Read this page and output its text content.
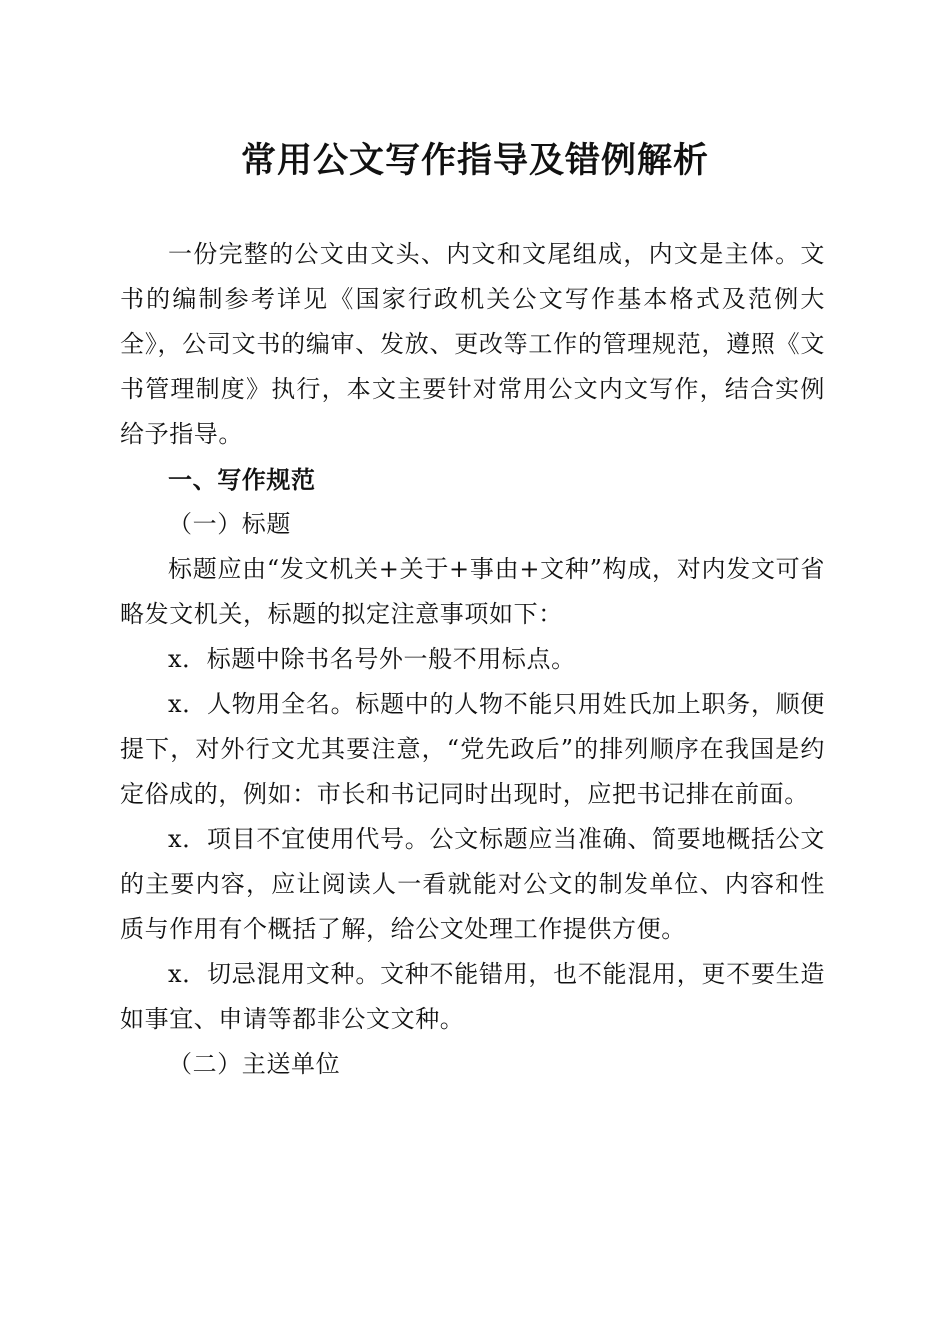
常用公文写作指导及错例解析

一份完整的公文由文头、内文和文尾组成，内文是主体。文书的编制参考详见《国家行政机关公文写作基本格式及范例大全》，公司文书的编审、发放、更改等工作的管理规范，遵照《文书管理制度》执行，本文主要针对常用公文内文写作，结合实例给予指导。

一、写作规范

（一）标题

标题应由“发文机关+关于+事由+文种”构成，对内发文可省略发文机关，标题的拟定注意事项如下：

x．标题中除书名号外一般不用标点。

x．人物用全名。标题中的人物不能只用姓氏加上职务，顺便提下，对外行文尤其要注意，“党先政后”的排列顺序在我国是约定俗成的，例如：市长和书记同时出现时，应把书记排在前面。

x．项目不宜使用代号。公文标题应当准确、简要地概括公文的主要内容，应让阅读人一看就能对公文的制发单位、内容和性质与作用有个概括了解，给公文处理工作提供方便。

x．切忌混用文种。文种不能错用，也不能混用，更不要生造如事宜、申请等都非公文文种。

（二）主送单位
